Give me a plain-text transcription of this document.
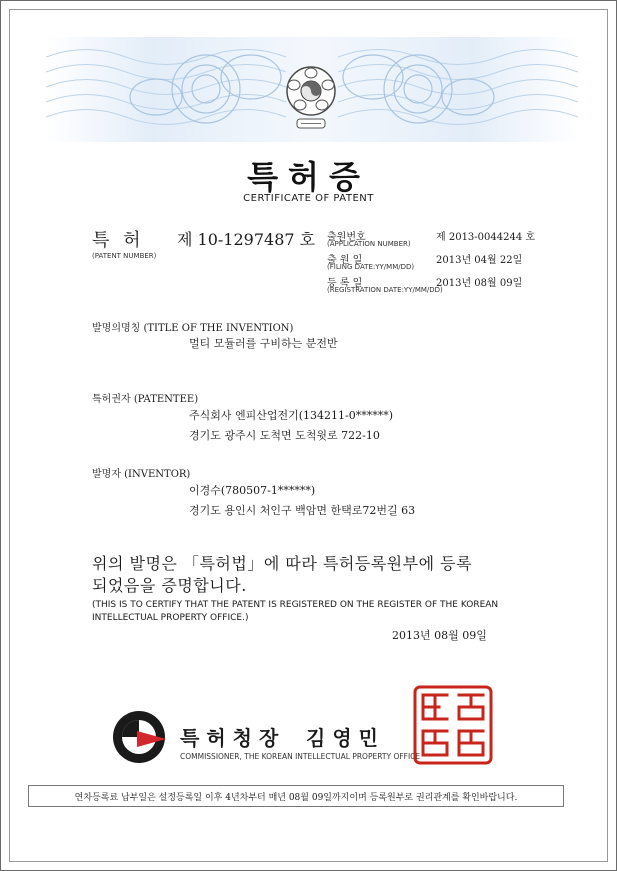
특허증
CERTIFICATE OF PATENT
특 허 제 10-1297487 호
(PATENT NUMBER)
출원번호
(APPLICATION NUMBER)
제 2013-0044244 호
출 원 일
(FILING DATE:YY/MM/DD)
2013년 04월 22일
등 록 일
(REGISTRATION DATE:YY/MM/DD)
2013년 08월 09일
발명의명칭 (TITLE OF THE INVENTION)
멀티 모듈러를 구비하는 분전반
특허권자 (PATENTEE)
주식회사 엔피산업전기(134211-0******)
경기도 광주시 도척면 도척윗로 722-10
발명자 (INVENTOR)
이경수(780507-1******)
경기도 용인시 처인구 백암면 한택로72번길 63
위의 발명은 「특허법」에 따라 특허등록원부에 등록
되었음을 증명합니다.
(THIS IS TO CERTIFY THAT THE PATENT IS REGISTERED ON THE REGISTER OF THE KOREAN
INTELLECTUAL PROPERTY OFFICE.)
2013년 08월 09일
특허청장 김영민
COMMISSIONER, THE KOREAN INTELLECTUAL PROPERTY OFFICE
연차등록료 납부일은 설정등록일 이후 4년차부터 매년 08월 09일까지이며 등록원부로 권리관계를 확인바랍니다.
